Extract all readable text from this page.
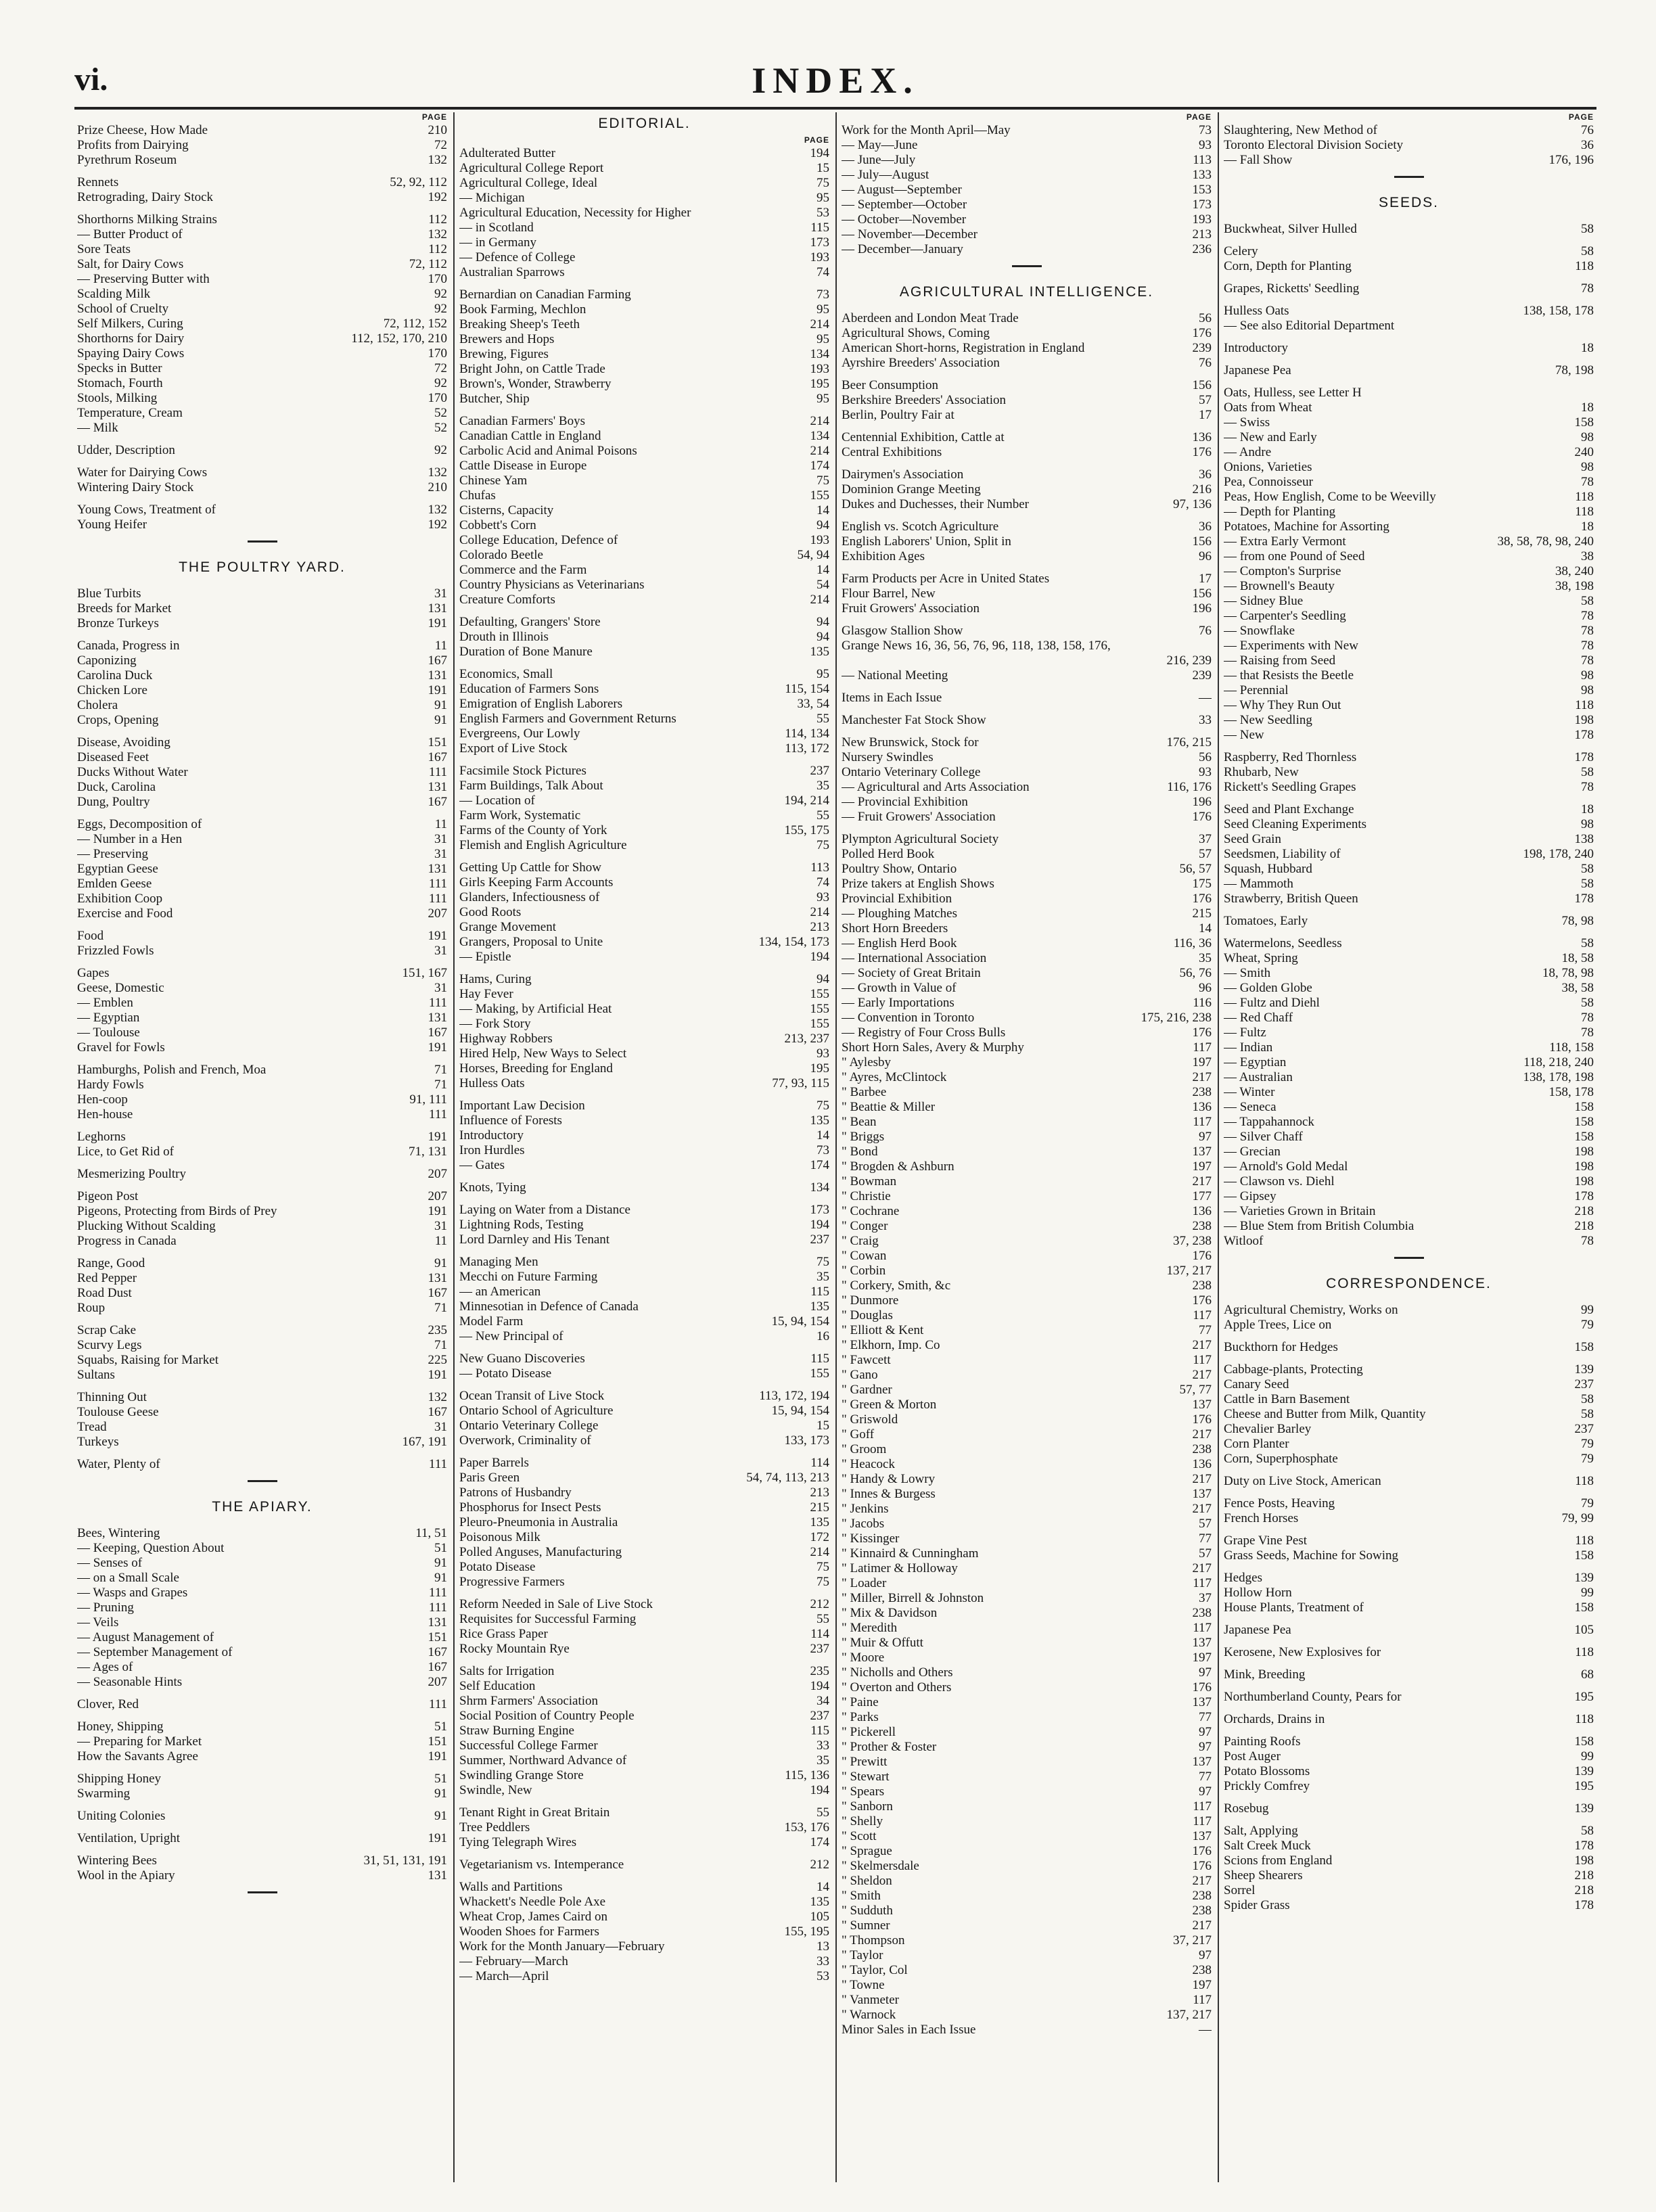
vi.	INDEX.
PAGE
210
Prize Cheese, How Made
72
Profits from Dairying
132
Pyrethrum Roseum
52, 92, 112
Rennets
192
Retrograding, Dairy Stock
112
Shorthorns Milking Strains
132
— Butter Product of
112
Sore Teats
72, 112
Salt, for Dairy Cows
170
— Preserving Butter with
92
Scalding Milk
92
School of Cruelty
72, 112, 152
Self Milkers, Curing
112, 152, 170, 210
Shorthorns for Dairy
170
Spaying Dairy Cows
72
Specks in Butter
92
Stomach, Fourth
170
Stools, Milking
52
Temperature, Cream
52
— Milk
92
Udder, Description
132
Water for Dairying Cows
210
Wintering Dairy Stock
132
Young Cows, Treatment of
192
Young Heifer
THE POULTRY YARD.
31
Blue Turbits
131
Breeds for Market
191
Bronze Turkeys
11
Canada, Progress in
167
Caponizing
131
Carolina Duck
191
Chicken Lore
91
Cholera
91
Crops, Opening
151
Disease, Avoiding
167
Diseased Feet
111
Ducks Without Water
131
Duck, Carolina
167
Dung, Poultry
11
Eggs, Decomposition of
31
— Number in a Hen
31
— Preserving
131
Egyptian Geese
111
Emlden Geese
111
Exhibition Coop
207
Exercise and Food
191
Food
31
Frizzled Fowls
151, 167
Gapes
31
Geese, Domestic
111
— Emblen
131
— Egyptian
167
— Toulouse
191
Gravel for Fowls
71
Hamburghs, Polish and French, Moa
71
Hardy Fowls
91, 111
Hen-coop
111
Hen-house
191
Leghorns
71, 131
Lice, to Get Rid of
207
Mesmerizing Poultry
207
Pigeon Post
191
Pigeons, Protecting from Birds of Prey
31
Plucking Without Scalding
11
Progress in Canada
91
Range, Good
131
Red Pepper
167
Road Dust
71
Roup
235
Scrap Cake
71
Scurvy Legs
225
Squabs, Raising for Market
191
Sultans
132
Thinning Out
167
Toulouse Geese
31
Tread
167, 191
Turkeys
111
Water, Plenty of
THE APIARY.
11, 51
Bees, Wintering
51
— Keeping, Question About
91
— Senses of
91
— on a Small Scale
111
— Wasps and Grapes
111
— Pruning
131
— Veils
151
— August Management of
167
— September Management of
167
— Ages of
207
— Seasonable Hints
111
Clover, Red
51
Honey, Shipping
151
— Preparing for Market
191
How the Savants Agree
51
Shipping Honey
91
Swarming
91
Uniting Colonies
191
Ventilation, Upright
31, 51, 131, 191
Wintering Bees
131
Wool in the Apiary
EDITORIAL.
PAGE
194
Adulterated Butter
15
Agricultural College Report
75
Agricultural College, Ideal
95
— Michigan
53
Agricultural Education, Necessity for Higher
115
— in Scotland
173
— in Germany
193
— Defence of College
74
Australian Sparrows
73
Bernardian on Canadian Farming
95
Book Farming, Mechlon
214
Breaking Sheep's Teeth
95
Brewers and Hops
134
Brewing, Figures
193
Bright John, on Cattle Trade
195
Brown's, Wonder, Strawberry
95
Butcher, Ship
214
Canadian Farmers' Boys
134
Canadian Cattle in England
214
Carbolic Acid and Animal Poisons
174
Cattle Disease in Europe
75
Chinese Yam
155
Chufas
14
Cisterns, Capacity
94
Cobbett's Corn
193
College Education, Defence of
54, 94
Colorado Beetle
14
Commerce and the Farm
54
Country Physicians as Veterinarians
214
Creature Comforts
94
Defaulting, Grangers' Store
94
Drouth in Illinois
135
Duration of Bone Manure
95
Economics, Small
115, 154
Education of Farmers Sons
33, 54
Emigration of English Laborers
55
English Farmers and Government Returns
114, 134
Evergreens, Our Lowly
113, 172
Export of Live Stock
237
Facsimile Stock Pictures
35
Farm Buildings, Talk About
194, 214
— Location of
55
Farm Work, Systematic
155, 175
Farms of the County of York
75
Flemish and English Agriculture
113
Getting Up Cattle for Show
74
Girls Keeping Farm Accounts
93
Glanders, Infectiousness of
214
Good Roots
213
Grange Movement
134, 154, 173
Grangers, Proposal to Unite
194
— Epistle
94
Hams, Curing
155
Hay Fever
155
— Making, by Artificial Heat
155
— Fork Story
213, 237
Highway Robbers
93
Hired Help, New Ways to Select
195
Horses, Breeding for England
77, 93, 115
Hulless Oats
75
Important Law Decision
135
Influence of Forests
14
Introductory
73
Iron Hurdles
174
— Gates
134
Knots, Tying
173
Laying on Water from a Distance
194
Lightning Rods, Testing
237
Lord Darnley and His Tenant
75
Managing Men
35
Mecchi on Future Farming
115
— an American
135
Minnesotian in Defence of Canada
15, 94, 154
Model Farm
16
— New Principal of
115
New Guano Discoveries
155
— Potato Disease
113, 172, 194
Ocean Transit of Live Stock
15, 94, 154
Ontario School of Agriculture
15
Ontario Veterinary College
133, 173
Overwork, Criminality of
114
Paper Barrels
54, 74, 113, 213
Paris Green
213
Patrons of Husbandry
215
Phosphorus for Insect Pests
135
Pleuro-Pneumonia in Australia
172
Poisonous Milk
214
Polled Anguses, Manufacturing
75
Potato Disease
75
Progressive Farmers
212
Reform Needed in Sale of Live Stock
55
Requisites for Successful Farming
114
Rice Grass Paper
237
Rocky Mountain Rye
235
Salts for Irrigation
194
Self Education
34
Shrm Farmers' Association
237
Social Position of Country People
115
Straw Burning Engine
33
Successful College Farmer
35
Summer, Northward Advance of
115, 136
Swindling Grange Store
194
Swindle, New
55
Tenant Right in Great Britain
153, 176
Tree Peddlers
174
Tying Telegraph Wires
212
Vegetarianism vs. Intemperance
14
Walls and Partitions
135
Whackett's Needle Pole Axe
105
Wheat Crop, James Caird on
155, 195
Wooden Shoes for Farmers
13
Work for the Month January—February
33
— February—March
53
— March—April
PAGE
73
Work for the Month April—May
93
— May—June
113
— June—July
133
— July—August
153
— August—September
173
— September—October
193
— October—November
213
— November—December
236
— December—January
AGRICULTURAL INTELLIGENCE.
56
Aberdeen and London Meat Trade
176
Agricultural Shows, Coming
239
American Short-horns, Registration in England
76
Ayrshire Breeders' Association
156
Beer Consumption
57
Berkshire Breeders' Association
17
Berlin, Poultry Fair at
136
Centennial Exhibition, Cattle at
176
Central Exhibitions
36
Dairymen's Association
216
Dominion Grange Meeting
97, 136
Dukes and Duchesses, their Number
36
English vs. Scotch Agriculture
156
English Laborers' Union, Split in
96
Exhibition Ages
17
Farm Products per Acre in United States
156
Flour Barrel, New
196
Fruit Growers' Association
76
Glasgow Stallion Show
Grange News 16, 36, 56, 76, 96, 118, 138, 158, 176,
216, 239
239
— National Meeting
—
Items in Each Issue
33
Manchester Fat Stock Show
176, 215
New Brunswick, Stock for
56
Nursery Swindles
93
Ontario Veterinary College
116, 176
— Agricultural and Arts Association
196
— Provincial Exhibition
176
— Fruit Growers' Association
37
Plympton Agricultural Society
57
Polled Herd Book
56, 57
Poultry Show, Ontario
175
Prize takers at English Shows
176
Provincial Exhibition
215
— Ploughing Matches
14
Short Horn Breeders
116, 36
— English Herd Book
35
— International Association
56, 76
— Society of Great Britain
96
— Growth in Value of
116
— Early Importations
175, 216, 238
— Convention in Toronto
176
— Registry of Four Cross Bulls
117
Short Horn Sales, Avery & Murphy
197
" Aylesby
217
" Ayres, McClintock
238
" Barbee
136
" Beattie & Miller
117
" Bean
97
" Briggs
137
" Bond
197
" Brogden & Ashburn
217
" Bowman
177
" Christie
136
" Cochrane
238
" Conger
37, 238
" Craig
176
" Cowan
137, 217
" Corbin
238
" Corkery, Smith, &c
176
" Dunmore
117
" Douglas
77
" Elliott & Kent
217
" Elkhorn, Imp. Co
117
" Fawcett
217
" Gano
57, 77
" Gardner
137
" Green & Morton
176
" Griswold
217
" Goff
238
" Groom
136
" Heacock
217
" Handy & Lowry
137
" Innes & Burgess
217
" Jenkins
57
" Jacobs
77
" Kissinger
57
" Kinnaird & Cunningham
217
" Latimer & Holloway
117
" Loader
37
" Miller, Birrell & Johnston
238
" Mix & Davidson
117
" Meredith
137
" Muir & Offutt
197
" Moore
97
" Nicholls and Others
176
" Overton and Others
137
" Paine
77
" Parks
97
" Pickerell
97
" Prother & Foster
137
" Prewitt
77
" Stewart
97
" Spears
117
" Sanborn
117
" Shelly
137
" Scott
176
" Sprague
176
" Skelmersdale
217
" Sheldon
238
" Smith
238
" Sudduth
217
" Sumner
37, 217
" Thompson
97
" Taylor
238
" Taylor, Col
197
" Towne
117
" Vanmeter
137, 217
" Warnock
—
Minor Sales in Each Issue
PAGE
76
Slaughtering, New Method of
36
Toronto Electoral Division Society
176, 196
— Fall Show
SEEDS.
58
Buckwheat, Silver Hulled
58
Celery
118
Corn, Depth for Planting
78
Grapes, Ricketts' Seedling
138, 158, 178
Hulless Oats
— See also Editorial Department
18
Introductory
78, 198
Japanese Pea
Oats, Hulless, see Letter H
18
Oats from Wheat
158
— Swiss
98
— New and Early
240
— Andre
98
Onions, Varieties
78
Pea, Connoisseur
118
Peas, How English, Come to be Weevilly
118
— Depth for Planting
18
Potatoes, Machine for Assorting
38, 58, 78, 98, 240
— Extra Early Vermont
38
— from one Pound of Seed
38, 240
— Compton's Surprise
38, 198
— Brownell's Beauty
58
— Sidney Blue
78
— Carpenter's Seedling
78
— Snowflake
78
— Experiments with New
78
— Raising from Seed
98
— that Resists the Beetle
98
— Perennial
118
— Why They Run Out
198
— New Seedling
178
— New
178
Raspberry, Red Thornless
58
Rhubarb, New
78
Rickett's Seedling Grapes
18
Seed and Plant Exchange
98
Seed Cleaning Experiments
138
Seed Grain
198, 178, 240
Seedsmen, Liability of
58
Squash, Hubbard
58
— Mammoth
178
Strawberry, British Queen
78, 98
Tomatoes, Early
58
Watermelons, Seedless
18, 58
Wheat, Spring
18, 78, 98
— Smith
38, 58
— Golden Globe
58
— Fultz and Diehl
78
— Red Chaff
78
— Fultz
118, 158
— Indian
118, 218, 240
— Egyptian
138, 178, 198
— Australian
158, 178
— Winter
158
— Seneca
158
— Tappahannock
158
— Silver Chaff
198
— Grecian
198
— Arnold's Gold Medal
198
— Clawson vs. Diehl
178
— Gipsey
218
— Varieties Grown in Britain
218
— Blue Stem from British Columbia
78
Witloof
CORRESPONDENCE.
99
Agricultural Chemistry, Works on
79
Apple Trees, Lice on
158
Buckthorn for Hedges
139
Cabbage-plants, Protecting
237
Canary Seed
58
Cattle in Barn Basement
58
Cheese and Butter from Milk, Quantity
237
Chevalier Barley
79
Corn Planter
79
Corn, Superphosphate
118
Duty on Live Stock, American
79
Fence Posts, Heaving
79, 99
French Horses
118
Grape Vine Pest
158
Grass Seeds, Machine for Sowing
139
Hedges
99
Hollow Horn
158
House Plants, Treatment of
105
Japanese Pea
118
Kerosene, New Explosives for
68
Mink, Breeding
195
Northumberland County, Pears for
118
Orchards, Drains in
158
Painting Roofs
99
Post Auger
139
Potato Blossoms
195
Prickly Comfrey
139
Rosebug
58
Salt, Applying
178
Salt Creek Muck
198
Scions from England
218
Sheep Shearers
218
Sorrel
178
Spider Grass
